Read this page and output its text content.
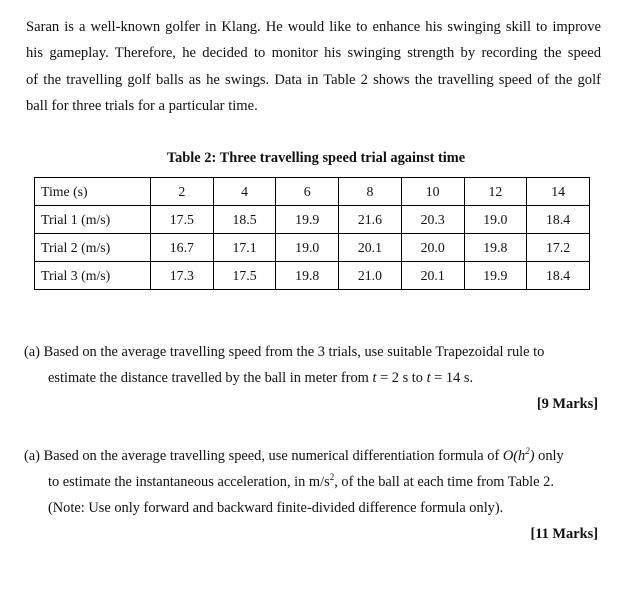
Saran is a well-known golfer in Klang. He would like to enhance his swinging skill to improve
his gameplay. Therefore, he decided to monitor his swinging strength by recording the speed
of the travelling golf balls as he swings. Data in Table 2 shows the travelling speed of the golf
ball for three trials for a particular time.
Table 2: Three travelling speed trial against time
Time (s)	2	4	6	8	10	12	14
Trial 1 (m/s)	17.5	18.5	19.9	21.6	20.3	19.0	18.4
Trial 2 (m/s)	16.7	17.1	19.0	20.1	20.0	19.8	17.2
Trial 3 (m/s)	17.3	17.5	19.8	21.0	20.1	19.9	18.4
(a) Based on the average travelling speed from the 3 trials, use suitable Trapezoidal rule to
estimate the distance travelled by the ball in meter from t = 2 s to t = 14 s.
[9 Marks]
(a) Based on the average travelling speed, use numerical differentiation formula of $O(h^2)$ only
to estimate the instantaneous acceleration, in $m/s^2$, of the ball at each time from Table 2.
(Note: Use only forward and backward finite-divided difference formula only).
[11 Marks]
